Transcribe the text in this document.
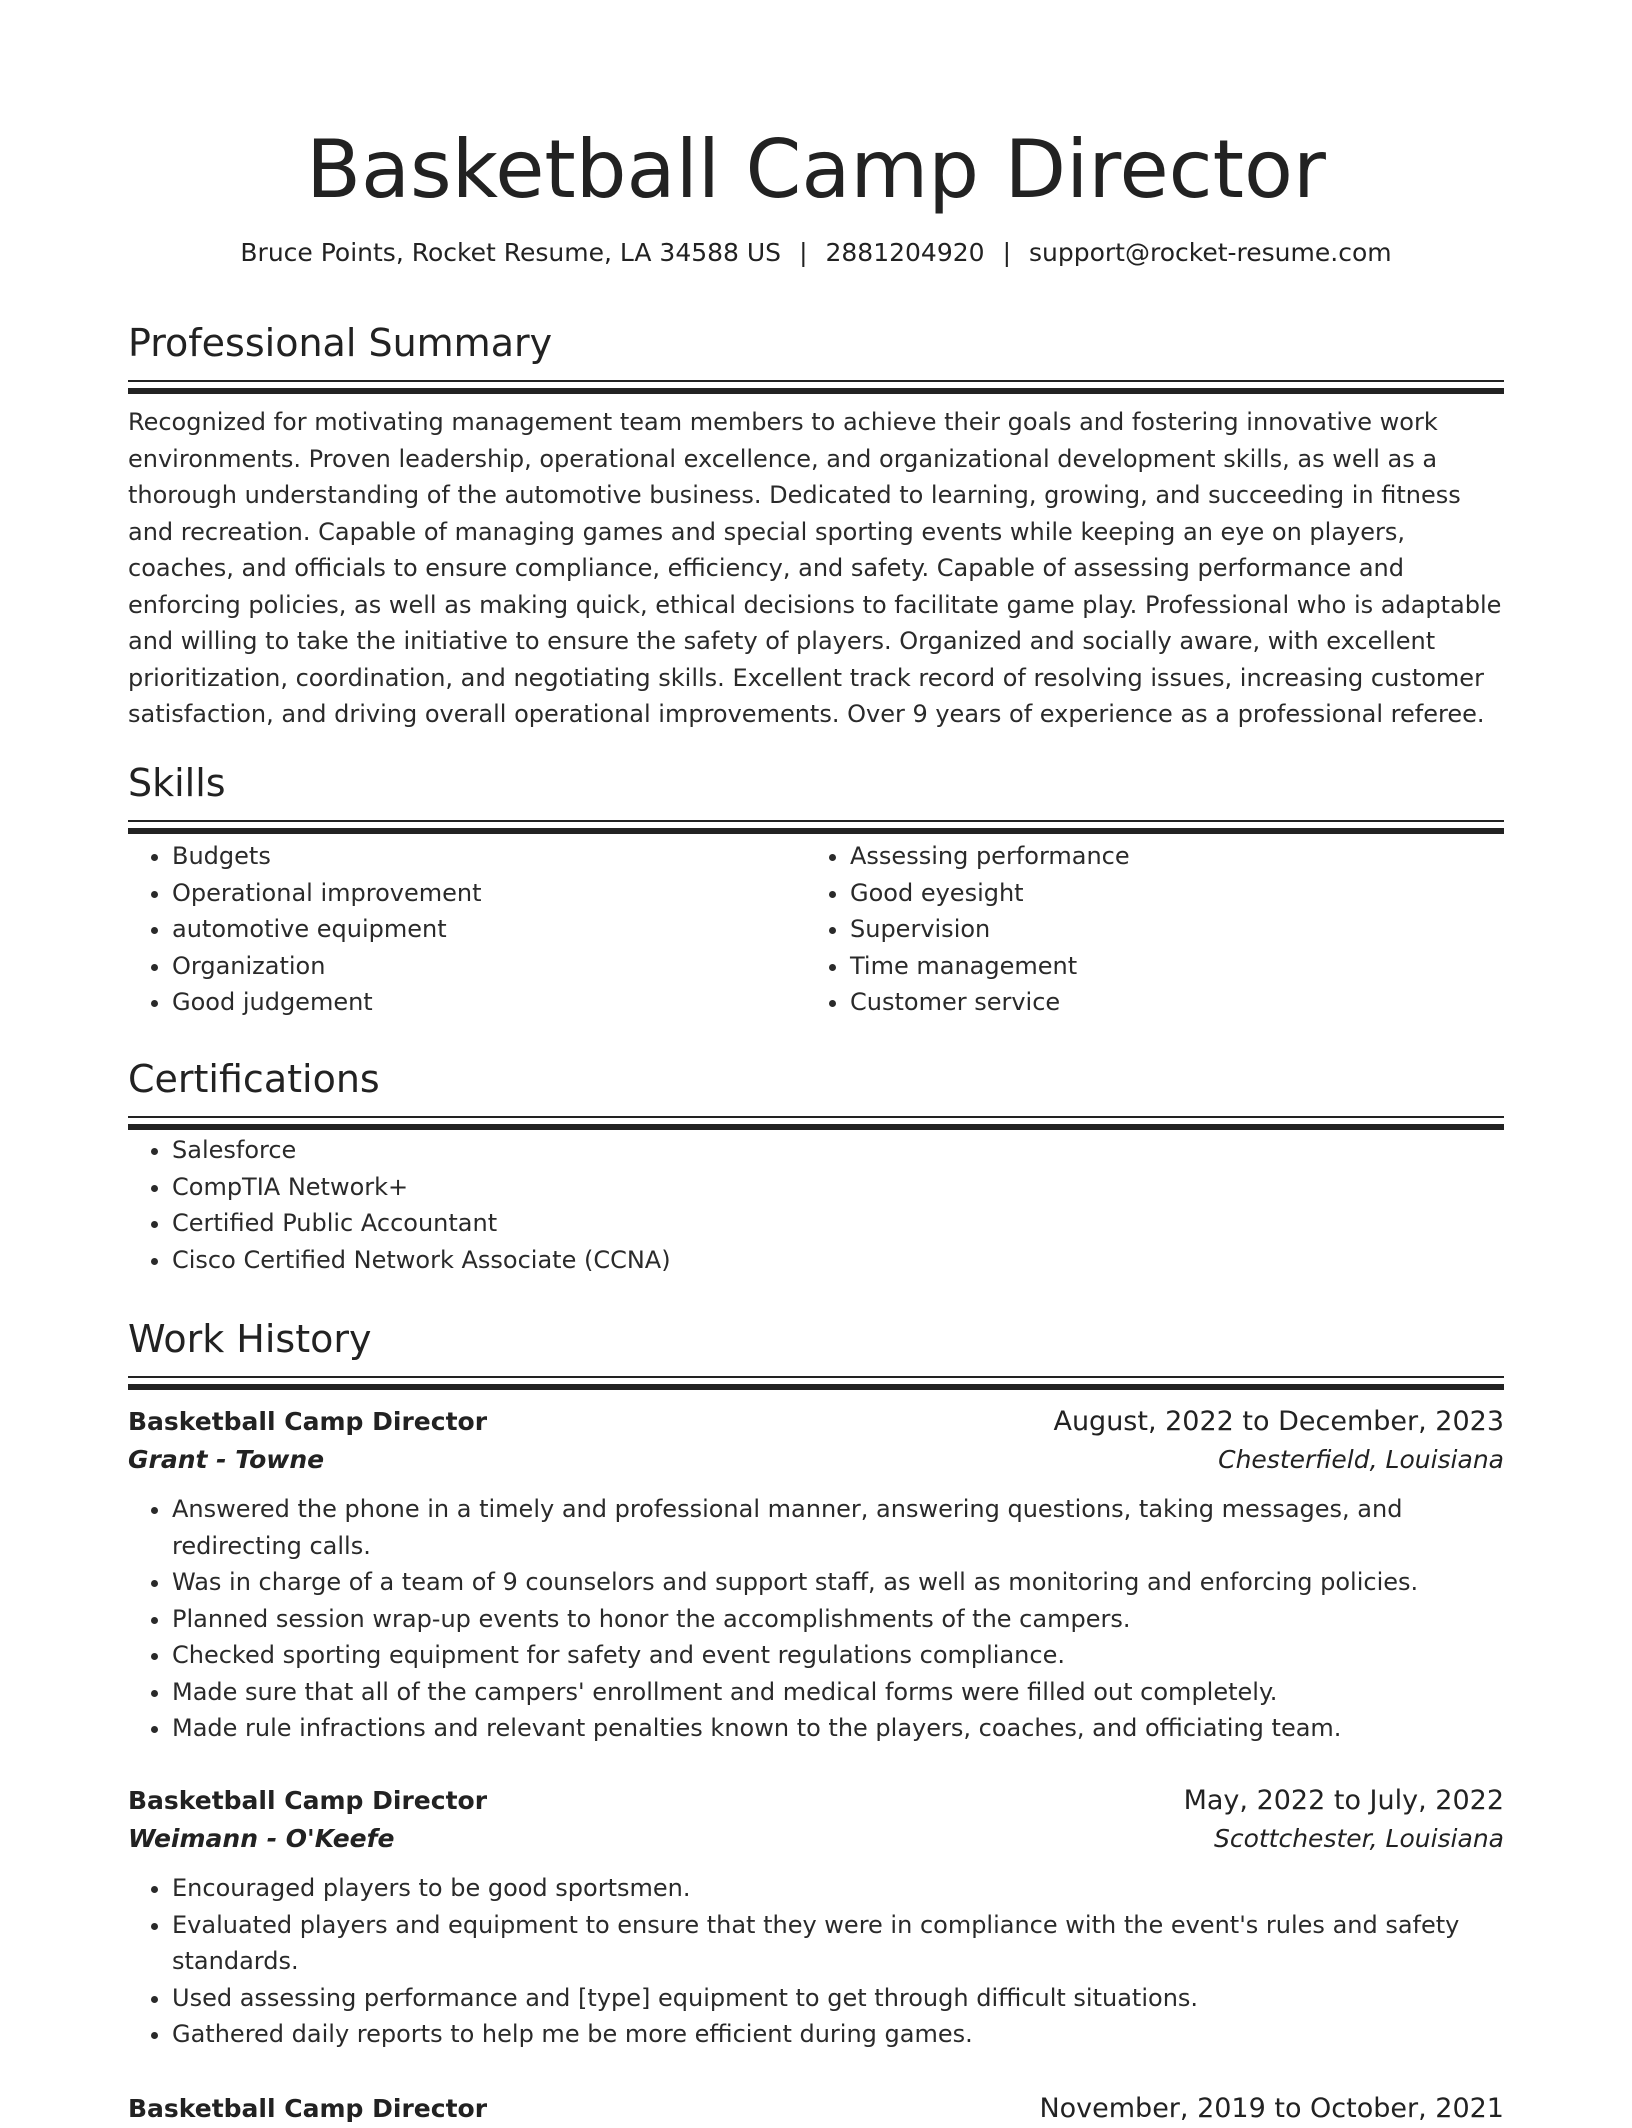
Basketball Camp Director
Bruce Points, Rocket Resume, LA 34588 US | 2881204920 | support@rocket-resume.com
Professional Summary

Recognized for motivating management team members to achieve their goals and fostering innovative work environments. Proven leadership, operational excellence, and organizational development skills, as well as a thorough understanding of the automotive business. Dedicated to learning, growing, and succeeding in fitness and recreation. Capable of managing games and special sporting events while keeping an eye on players, coaches, and officials to ensure compliance, efficiency, and safety. Capable of assessing performance and enforcing policies, as well as making quick, ethical decisions to facilitate game play. Professional who is adaptable and willing to take the initiative to ensure the safety of players. Organized and socially aware, with excellent prioritization, coordination, and negotiating skills. Excellent track record of resolving issues, increasing customer satisfaction, and driving overall operational improvements. Over 9 years of experience as a professional referee.

Skills
• Budgets
• Operational improvement
• automotive equipment
• Organization
• Good judgement
• Assessing performance
• Good eyesight
• Supervision
• Time management
• Customer service
Certifications
• Salesforce
• CompTIA Network+
• Certified Public Accountant
• Cisco Certified Network Associate (CCNA)
Work History
Basketball Camp Director	August, 2022 to December, 2023
Grant - Towne	Chesterfield, Louisiana
• Answered the phone in a timely and professional manner, answering questions, taking messages, and redirecting calls.
• Was in charge of a team of 9 counselors and support staff, as well as monitoring and enforcing policies.
• Planned session wrap-up events to honor the accomplishments of the campers.
• Checked sporting equipment for safety and event regulations compliance.
• Made sure that all of the campers' enrollment and medical forms were filled out completely.
• Made rule infractions and relevant penalties known to the players, coaches, and officiating team.
Basketball Camp Director	May, 2022 to July, 2022
Weimann - O'Keefe	Scottchester, Louisiana
• Encouraged players to be good sportsmen.
• Evaluated players and equipment to ensure that they were in compliance with the event's rules and safety standards.
• Used assessing performance and [type] equipment to get through difficult situations.
• Gathered daily reports to help me be more efficient during games.
Basketball Camp Director	November, 2019 to October, 2021
